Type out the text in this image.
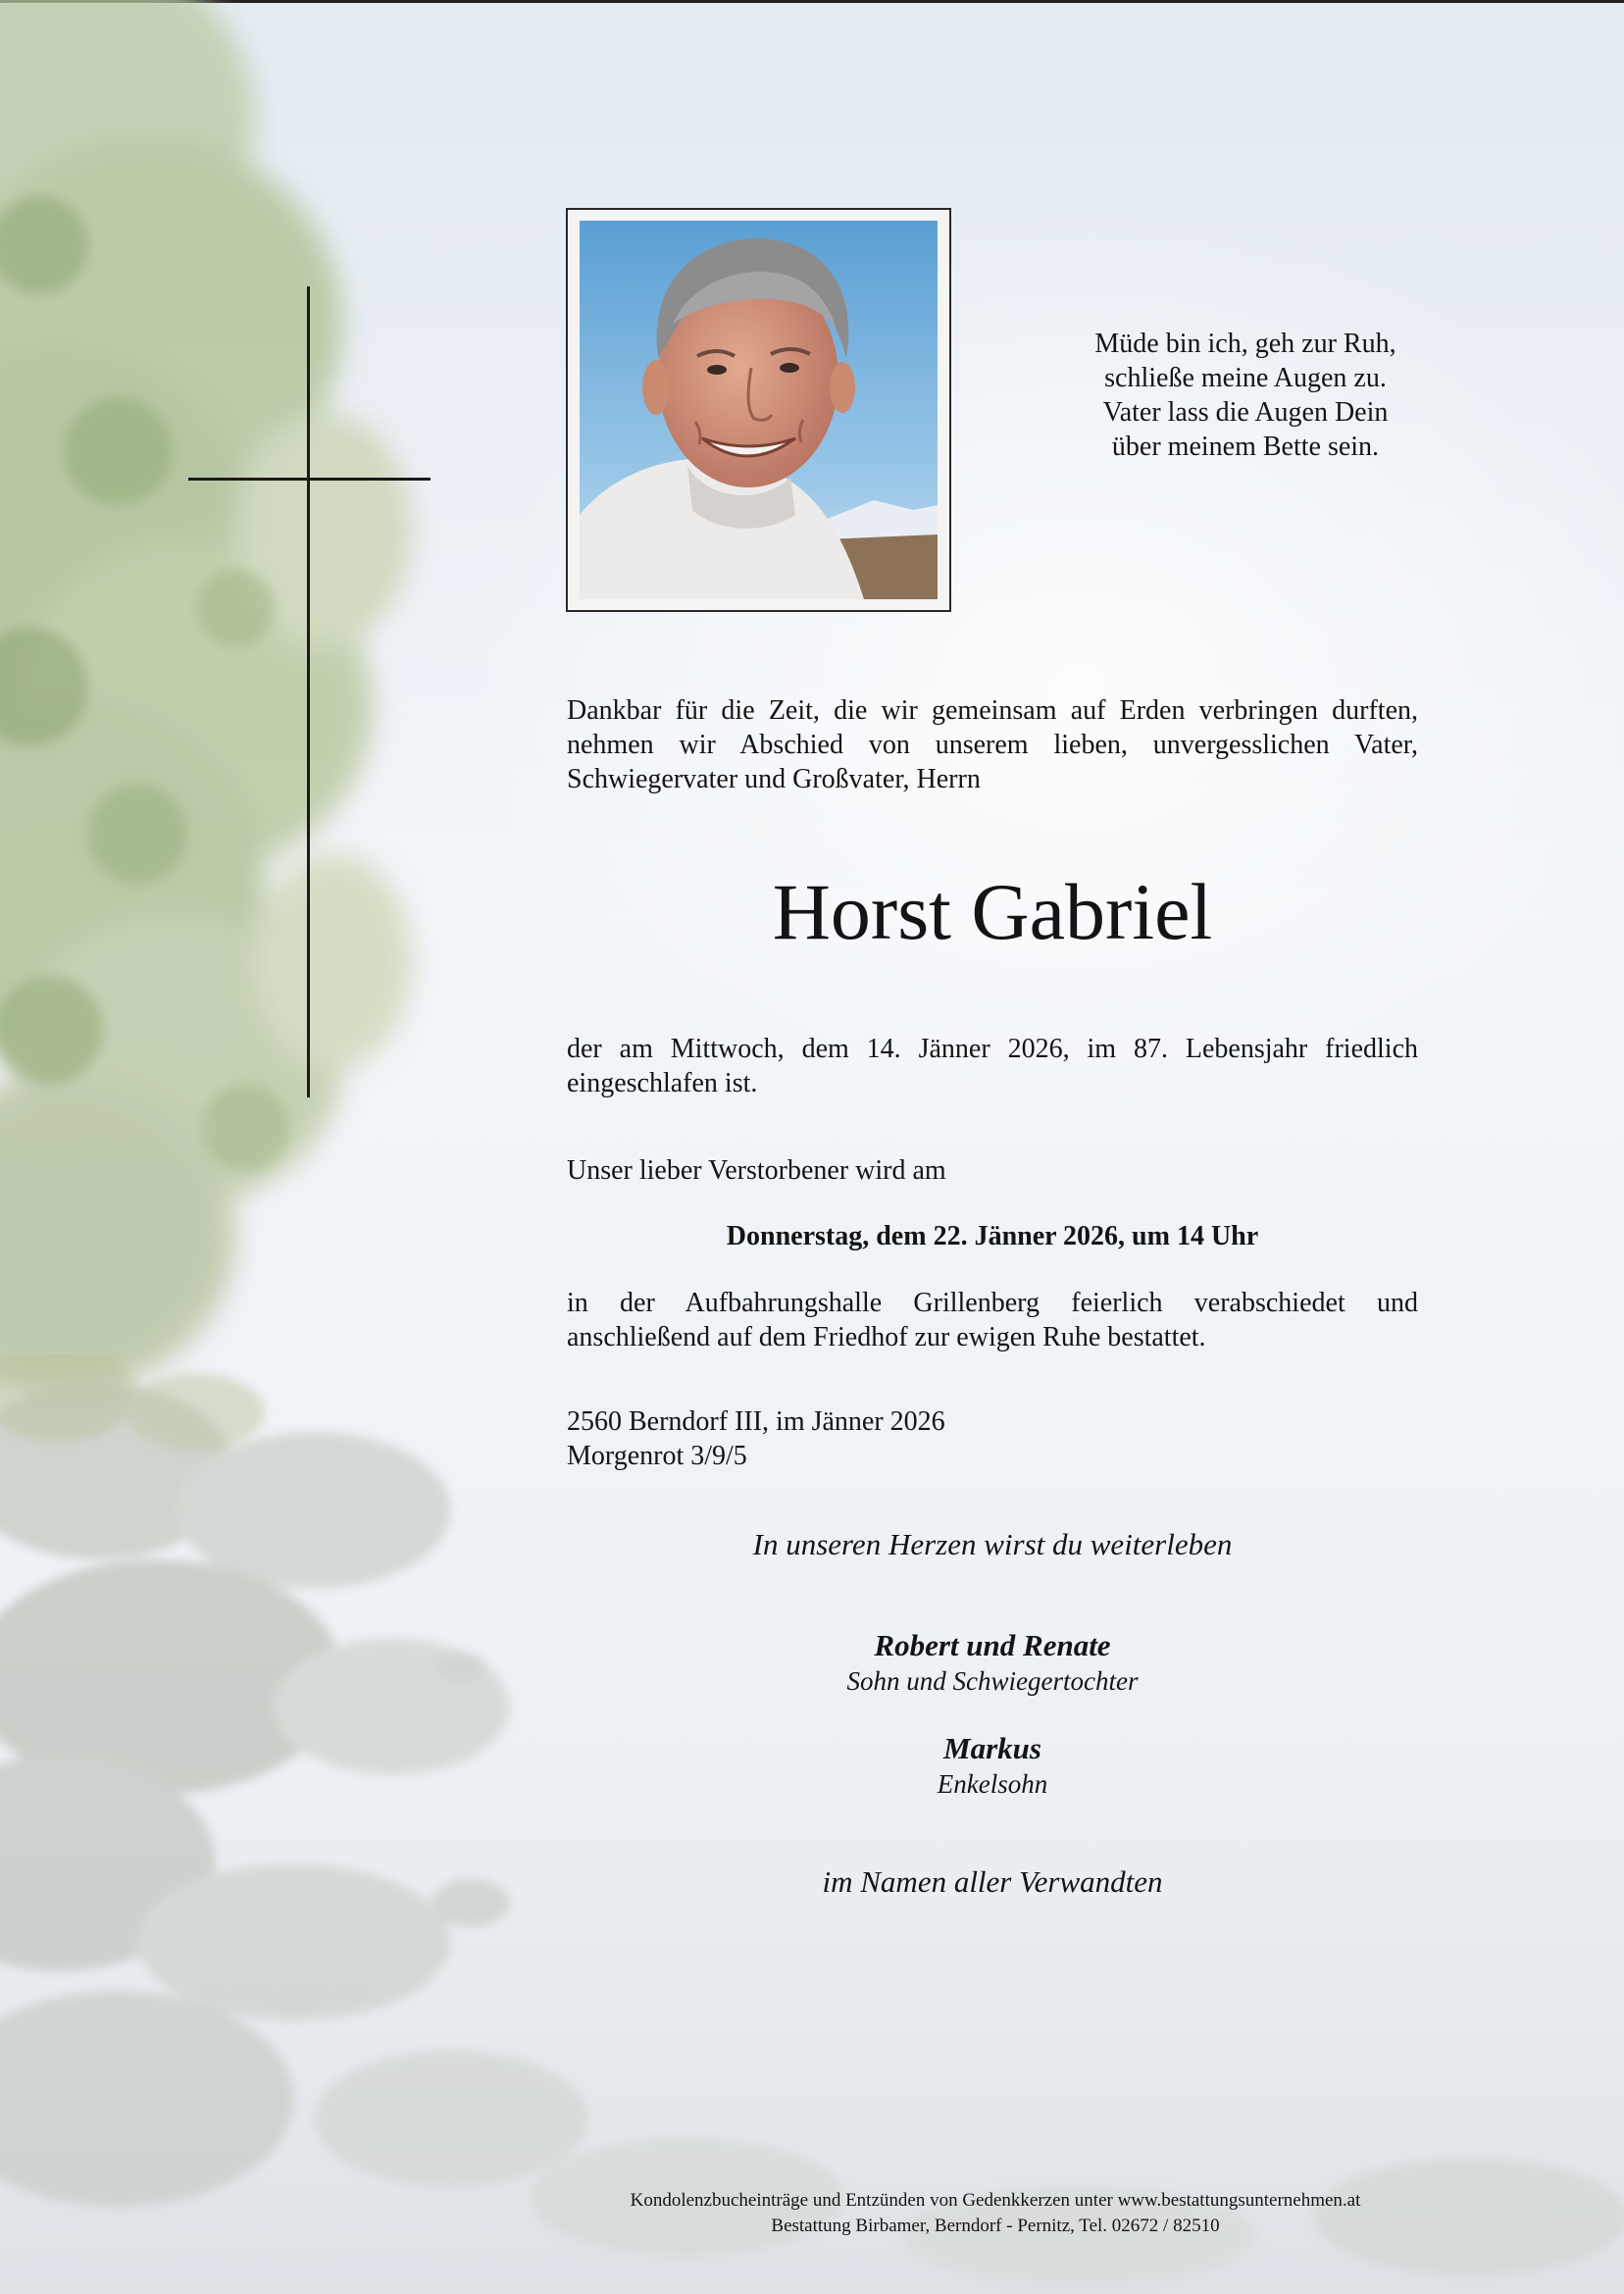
Müde bin ich, geh zur Ruh,
schließe meine Augen zu.
Vater lass die Augen Dein
über meinem Bette sein.
Dankbar für die Zeit, die wir gemeinsam auf Erden verbringen durften,
nehmen wir Abschied von unserem lieben, unvergesslichen Vater,
Schwiegervater und Großvater, Herrn
Horst Gabriel
der am Mittwoch, dem 14. Jänner 2026, im 87. Lebensjahr friedlich
eingeschlafen ist.
Unser lieber Verstorbener wird am
Donnerstag, dem 22. Jänner 2026, um 14 Uhr
in der Aufbahrungshalle Grillenberg feierlich verabschiedet und
anschließend auf dem Friedhof zur ewigen Ruhe bestattet.
2560 Berndorf III, im Jänner 2026
Morgenrot 3/9/5
In unseren Herzen wirst du weiterleben
Robert und Renate
Sohn und Schwiegertochter
Markus
Enkelsohn
im Namen aller Verwandten
Kondolenzbucheinträge und Entzünden von Gedenkkerzen unter www.bestattungsunternehmen.at
Bestattung Birbamer, Berndorf - Pernitz, Tel. 02672 / 82510
